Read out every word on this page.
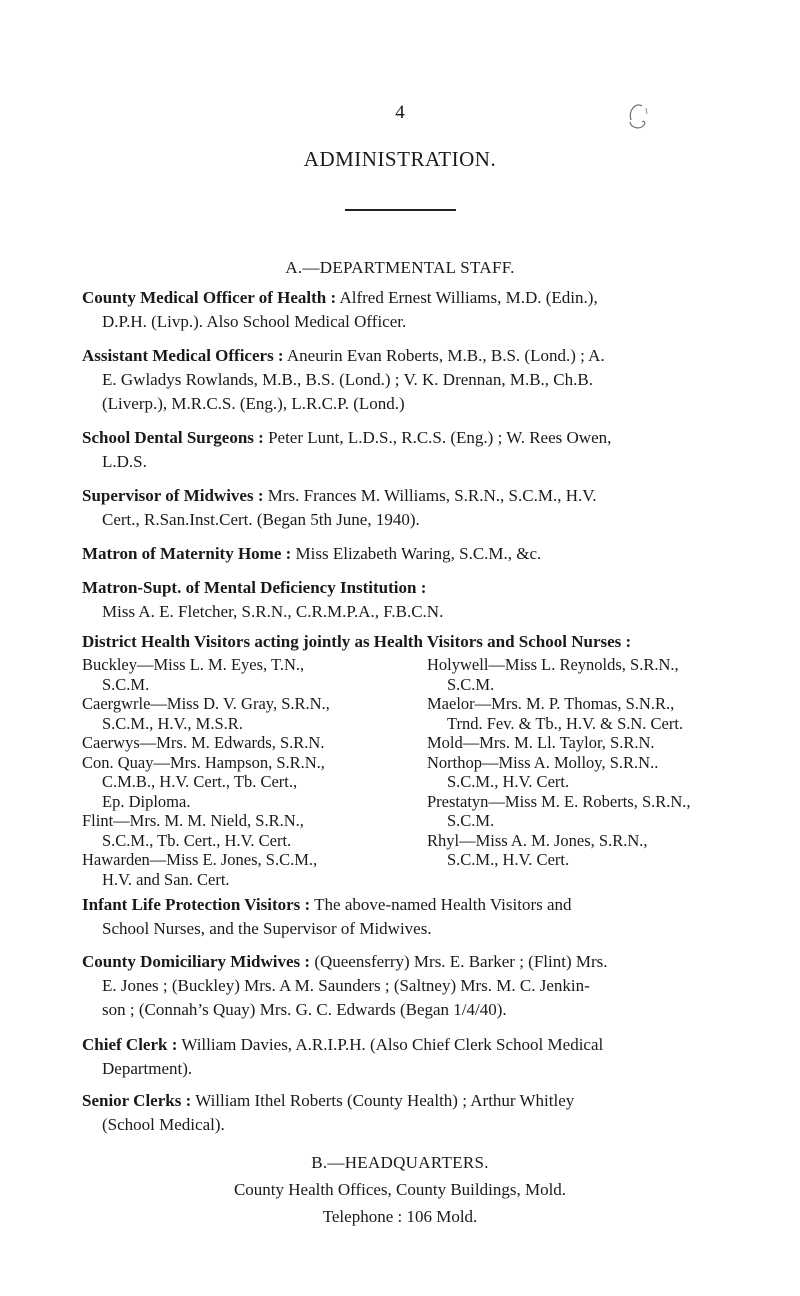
4
ADMINISTRATION.
A.—DEPARTMENTAL STAFF.
County Medical Officer of Health : Alfred Ernest Williams, M.D. (Edin.),
D.P.H. (Livp.). Also School Medical Officer.
Assistant Medical Officers : Aneurin Evan Roberts, M.B., B.S. (Lond.) ; A.
E. Gwladys Rowlands, M.B., B.S. (Lond.) ; V. K. Drennan, M.B., Ch.B.
(Liverp.), M.R.C.S. (Eng.), L.R.C.P. (Lond.)
School Dental Surgeons : Peter Lunt, L.D.S., R.C.S. (Eng.) ; W. Rees Owen,
L.D.S.
Supervisor of Midwives : Mrs. Frances M. Williams, S.R.N., S.C.M., H.V.
Cert., R.San.Inst.Cert. (Began 5th June, 1940).
Matron of Maternity Home : Miss Elizabeth Waring, S.C.M., &c.
Matron-Supt. of Mental Deficiency Institution :
Miss A. E. Fletcher, S.R.N., C.R.M.P.A., F.B.C.N.
District Health Visitors acting jointly as Health Visitors and School Nurses :
Buckley—Miss L. M. Eyes, T.N.,
S.C.M.
Caergwrle—Miss D. V. Gray, S.R.N.,
S.C.M., H.V., M.S.R.
Caerwys—Mrs. M. Edwards, S.R.N.
Con. Quay—Mrs. Hampson, S.R.N.,
C.M.B., H.V. Cert., Tb. Cert.,
Ep. Diploma.
Flint—Mrs. M. M. Nield, S.R.N.,
S.C.M., Tb. Cert., H.V. Cert.
Hawarden—Miss E. Jones, S.C.M.,
H.V. and San. Cert.
Holywell—Miss L. Reynolds, S.R.N.,
S.C.M.
Maelor—Mrs. M. P. Thomas, S.N.R.,
Trnd. Fev. & Tb., H.V. & S.N. Cert.
Mold—Mrs. M. Ll. Taylor, S.R.N.
Northop—Miss A. Molloy, S.R.N..
S.C.M., H.V. Cert.
Prestatyn—Miss M. E. Roberts, S.R.N.,
S.C.M.
Rhyl—Miss A. M. Jones, S.R.N.,
S.C.M., H.V. Cert.
Infant Life Protection Visitors : The above-named Health Visitors and
School Nurses, and the Supervisor of Midwives.
County Domiciliary Midwives : (Queensferry) Mrs. E. Barker ; (Flint) Mrs.
E. Jones ; (Buckley) Mrs. A M. Saunders ; (Saltney) Mrs. M. C. Jenkin-
son ; (Connah’s Quay) Mrs. G. C. Edwards (Began 1/4/40).
Chief Clerk : William Davies, A.R.I.P.H. (Also Chief Clerk School Medical
Department).
Senior Clerks : William Ithel Roberts (County Health) ; Arthur Whitley
(School Medical).
B.—HEADQUARTERS.
County Health Offices, County Buildings, Mold.
Telephone : 106 Mold.
